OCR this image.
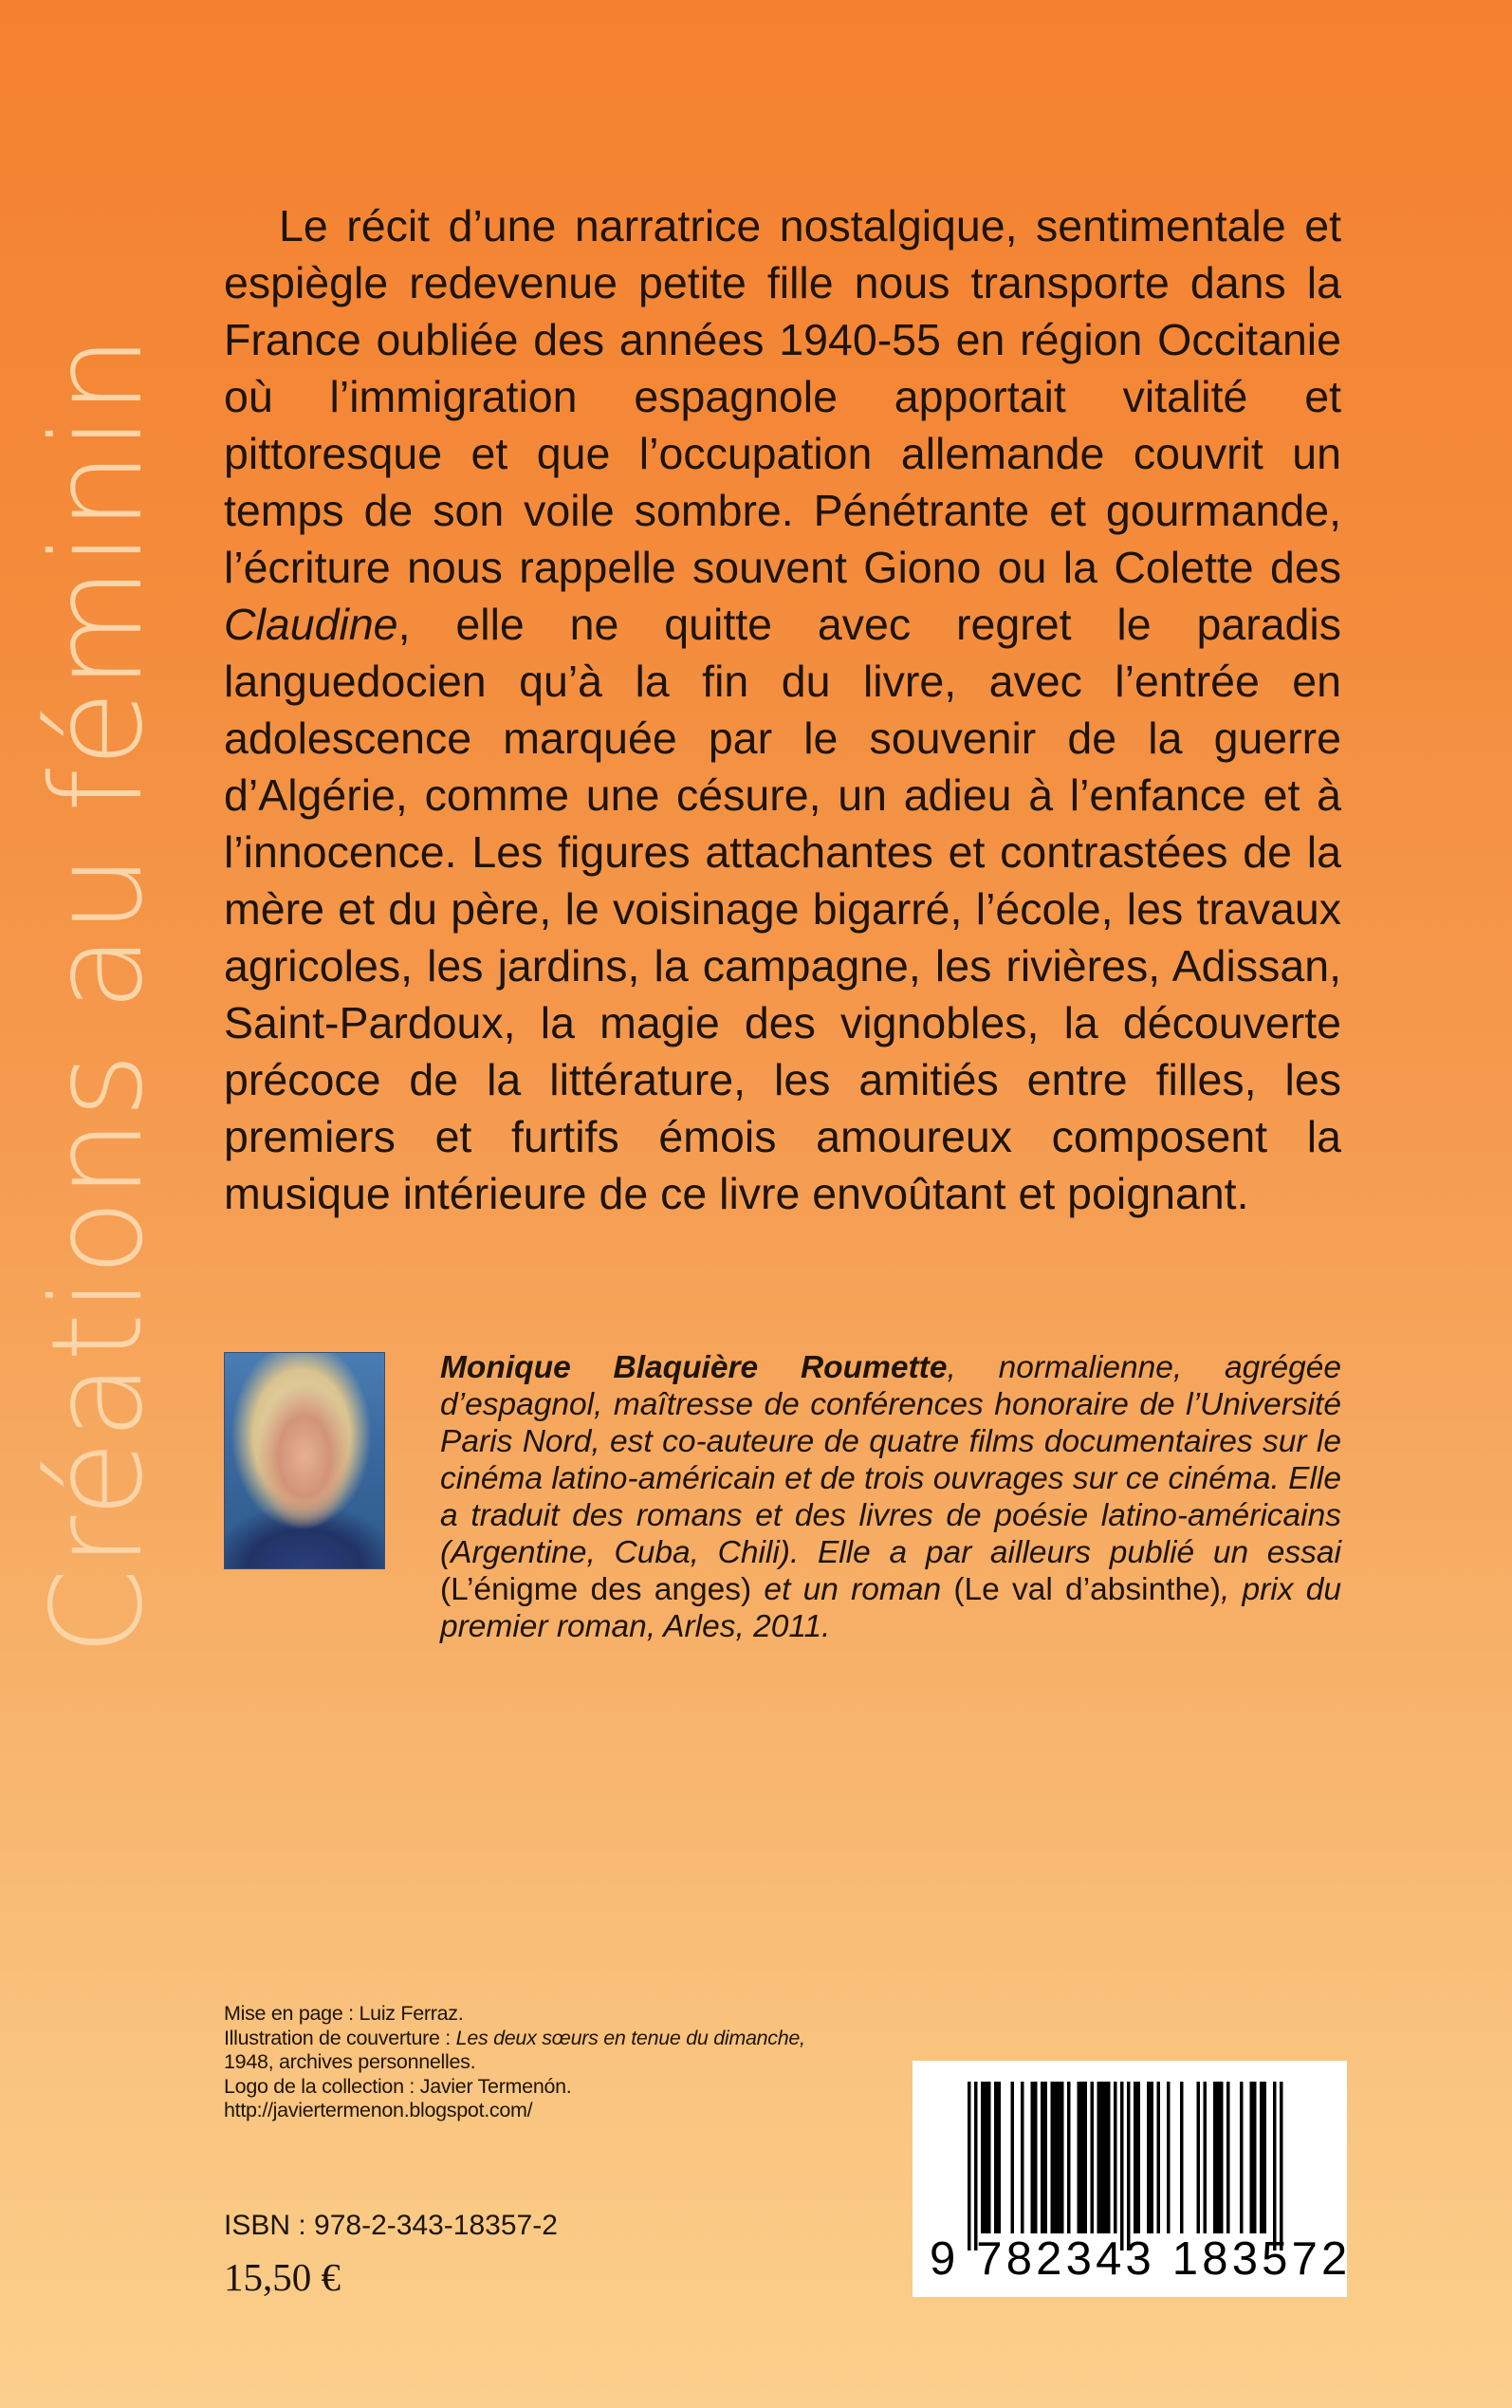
Créations au féminin

Le récit d’une narratrice nostalgique, sentimentale et espiègle redevenue petite fille nous transporte dans la France oubliée des années 1940-55 en région Occitanie où l’immigration espagnole apportait vitalité et pittoresque et que l’occupation allemande couvrit un temps de son voile sombre. Pénétrante et gourmande, l’écriture nous rappelle souvent Giono ou la Colette des Claudine, elle ne quitte avec regret le paradis languedocien qu’à la fin du livre, avec l’entrée en adolescence marquée par le souvenir de la guerre d’Algérie, comme une césure, un adieu à l’enfance et à l’innocence. Les figures attachantes et contrastées de la mère et du père, le voisinage bigarré, l’école, les travaux agricoles, les jardins, la campagne, les rivières, Adissan, Saint-Pardoux, la magie des vignobles, la découverte précoce de la littérature, les amitiés entre filles, les premiers et furtifs émois amoureux composent la musique intérieure de ce livre envoûtant et poignant.

Monique Blaquière Roumette, normalienne, agrégée d’espagnol, maîtresse de conférences honoraire de l’Université Paris Nord, est co-auteure de quatre films documentaires sur le cinéma latino-américain et de trois ouvrages sur ce cinéma. Elle a traduit des romans et des livres de poésie latino-américains (Argentine, Cuba, Chili). Elle a par ailleurs publié un essai (L’énigme des anges) et un roman (Le val d’absinthe), prix du premier roman, Arles, 2011.

Mise en page : Luiz Ferraz.
Illustration de couverture : Les deux sœurs en tenue du dimanche,
1948, archives personnelles.
Logo de la collection : Javier Termenón.
http://javiertermenon.blogspot.com/
ISBN : 978-2-343-18357-2
15,50 €	9 782343 183572
